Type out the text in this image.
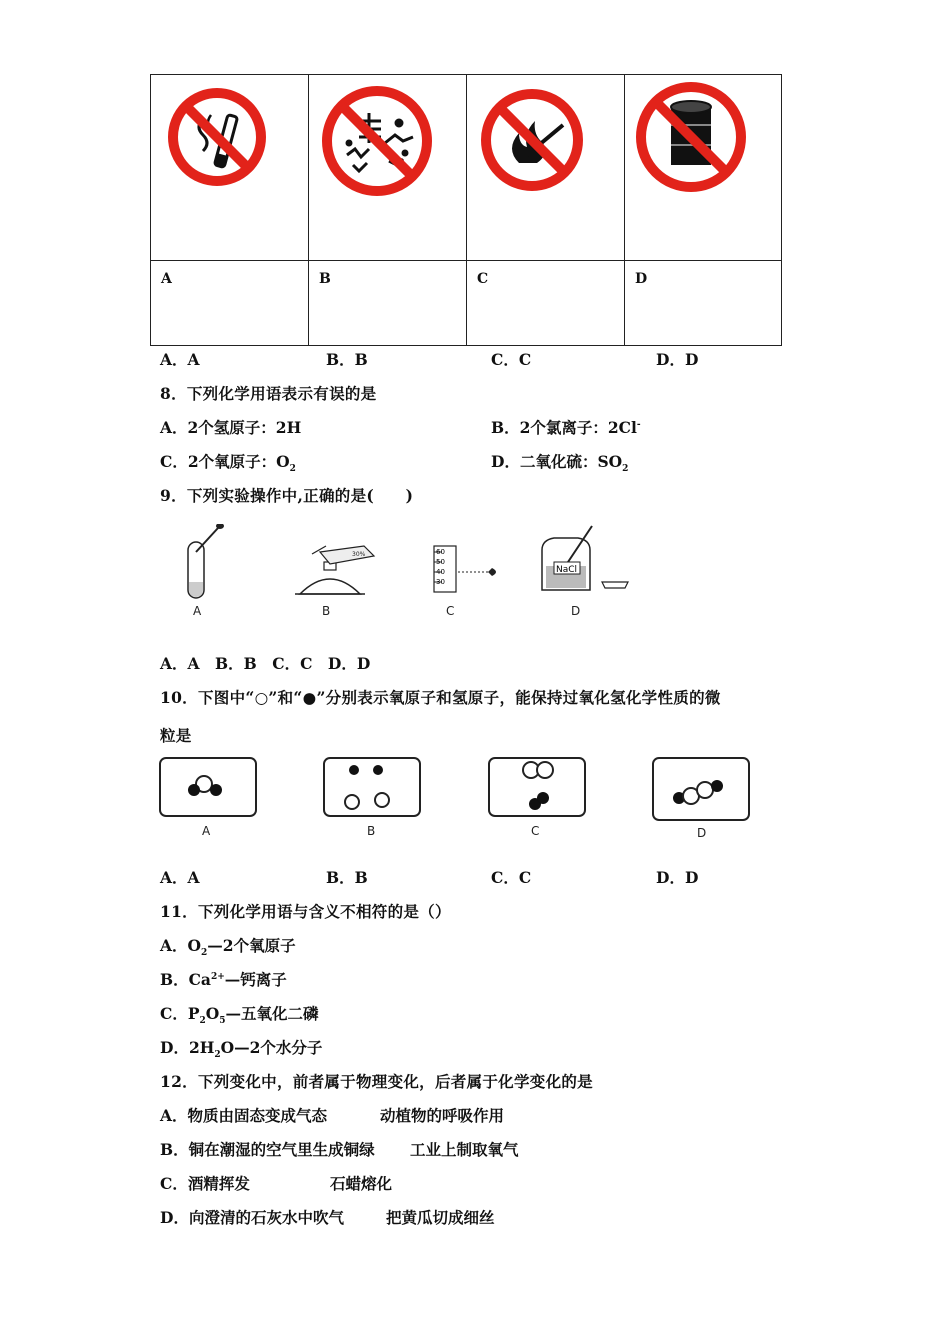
A	B	C	D
A．A	B．B	C．C	D．D
8．下列化学用语表示有误的是
A．2个氢原子：2H	B．2个氯离子：2Cl-
C．2个氧原子：$O_2$	D．二氧化硫：$SO_2$
9．下列实验操作中,正确的是(　　)
A
30%
B
60
50
40
30
C
NaCl
D
A．A　B．B　C．C　D．D
10．下图中“○”和“●”分别表示氧原子和氢原子，能保持过氧化氢化学性质的微
粒是
A	B	C	D
A．A	B．B	C．C	D．D
11．下列化学用语与含义不相符的是（）
A．$O_2—2$个氧原子
B．$Ca^{2+}—$钙离子
C．$P_2O_5—$五氧化二磷
D．$2H_2O—2$个水分子
12．下列变化中，前者属于物理变化，后者属于化学变化的是
A．物质由固态变成气态	动植物的呼吸作用
B．铜在潮湿的空气里生成铜绿 工业上制取氧气
C．酒精挥发	石蜡熔化
D．向澄清的石灰水中吹气	把黄瓜切成细丝
